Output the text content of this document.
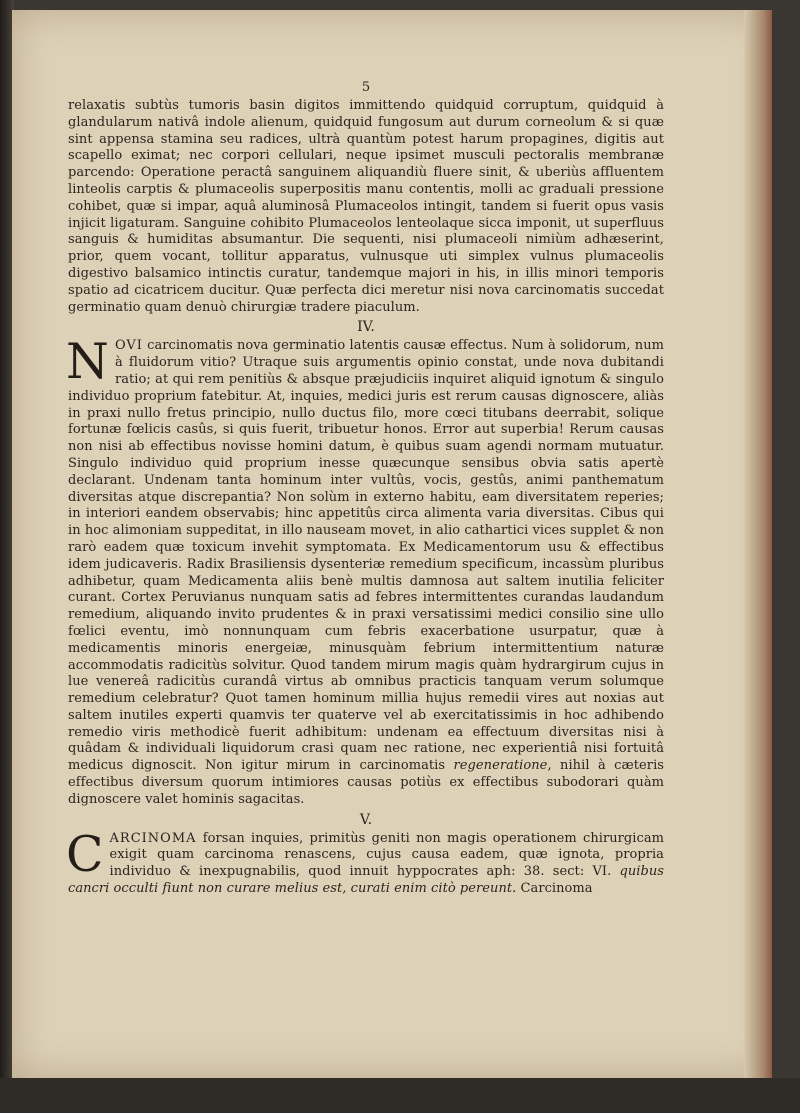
5

relaxatis subtùs tumoris basin digitos immittendo quidquid corruptum, quidquid à glandularum nativâ indole alienum, quidquid fungosum aut durum corneolum & si quæ sint appensa stamina seu radices, ultrà quantùm potest harum propagines, digitis aut scapello eximat; nec corpori cellulari, neque ipsimet musculi pectoralis membranæ parcendo: Operatione peractâ sanguinem aliquandiù fluere sinit, & uberiùs affluentem linteolis carptis & plumaceolis superpositis manu contentis, molli ac graduali pressione cohibet, quæ si impar, aquâ aluminosâ Plumaceolos intingit, tandem si fuerit opus vasis injicit ligaturam. Sanguine cohibito Plumaceolos lenteolaque sicca imponit, ut superfluus sanguis & humiditas absumantur. Die sequenti, nisi plumaceoli nimiùm adhæserint, prior, quem vocant, tollitur apparatus, vulnusque uti simplex vulnus plumaceolis digestivo balsamico intinctis curatur, tandemque majori in his, in illis minori temporis spatio ad cicatricem ducitur. Quæ perfecta dici meretur nisi nova carcinomatis succedat germinatio quam denuò chirurgiæ tradere piaculum.

IV.

NOVI carcinomatis nova germinatio latentis causæ effectus. Num à solidorum, num à fluidorum vitio? Utraque suis argumentis opinio constat, unde nova dubitandi ratio; at qui rem penitiùs & absque præjudiciis inquiret aliquid ignotum & singulo individuo proprium fatebitur. At, inquies, medici juris est rerum causas dignoscere, aliàs in praxi nullo fretus principio, nullo ductus filo, more cœci titubans deerrabit, solique fortunæ fœlicis casûs, si quis fuerit, tribuetur honos. Error aut superbia! Rerum causas non nisi ab effectibus novisse homini datum, è quibus suam agendi normam mutuatur. Singulo individuo quid proprium inesse quæcunque sensibus obvia satis apertè declarant. Undenam tanta hominum inter vultûs, vocis, gestûs, animi panthematum diversitas atque discrepantia? Non solùm in externo habitu, eam diversitatem reperies; in interiori eandem observabis; hinc appetitûs circa alimenta varia diversitas. Cibus qui in hoc alimoniam suppeditat, in illo nauseam movet, in alio cathartici vices supplet & non rarò eadem quæ toxicum invehit symptomata. Ex Medicamentorum usu & effectibus idem judicaveris. Radix Brasiliensis dysenteriæ remedium specificum, incassùm pluribus adhibetur, quam Medicamenta aliis benè multis damnosa aut saltem inutilia feliciter curant. Cortex Peruvianus nunquam satis ad febres intermittentes curandas laudandum remedium, aliquando invito prudentes & in praxi versatissimi medici consilio sine ullo fœlici eventu, imò nonnunquam cum febris exacerbatione usurpatur, quæ à medicamentis minoris energeiæ, minusquàm febrium intermittentium naturæ accommodatis radicitùs solvitur. Quod tandem mirum magis quàm hydrargirum cujus in lue venereâ radicitùs curandâ virtus ab omnibus practicis tanquam verum solumque remedium celebratur? Quot tamen hominum millia hujus remedii vires aut noxias aut saltem inutiles experti quamvis ter quaterve vel ab exercitatissimis in hoc adhibendo remedio viris methodicè fuerit adhibitum: undenam ea effectuum diversitas nisi à quâdam & individuali liquidorum crasi quam nec ratione, nec experientiâ nisi fortuitâ medicus dignoscit. Non igitur mirum in carcinomatis regeneratione, nihil à cæteris effectibus diversum quorum intimiores causas potiùs ex effectibus subodorari quàm dignoscere valet hominis sagacitas.

V.

CARCINOMA forsan inquies, primitùs geniti non magis operationem chirurgicam exigit quam carcinoma renascens, cujus causa eadem, quæ ignota, propria individuo & inexpugnabilis, quod innuit hyppocrates aph: 38. sect: VI. quibus cancri occulti fiunt non curare melius est, curati enim citò pereunt. Carcinoma
